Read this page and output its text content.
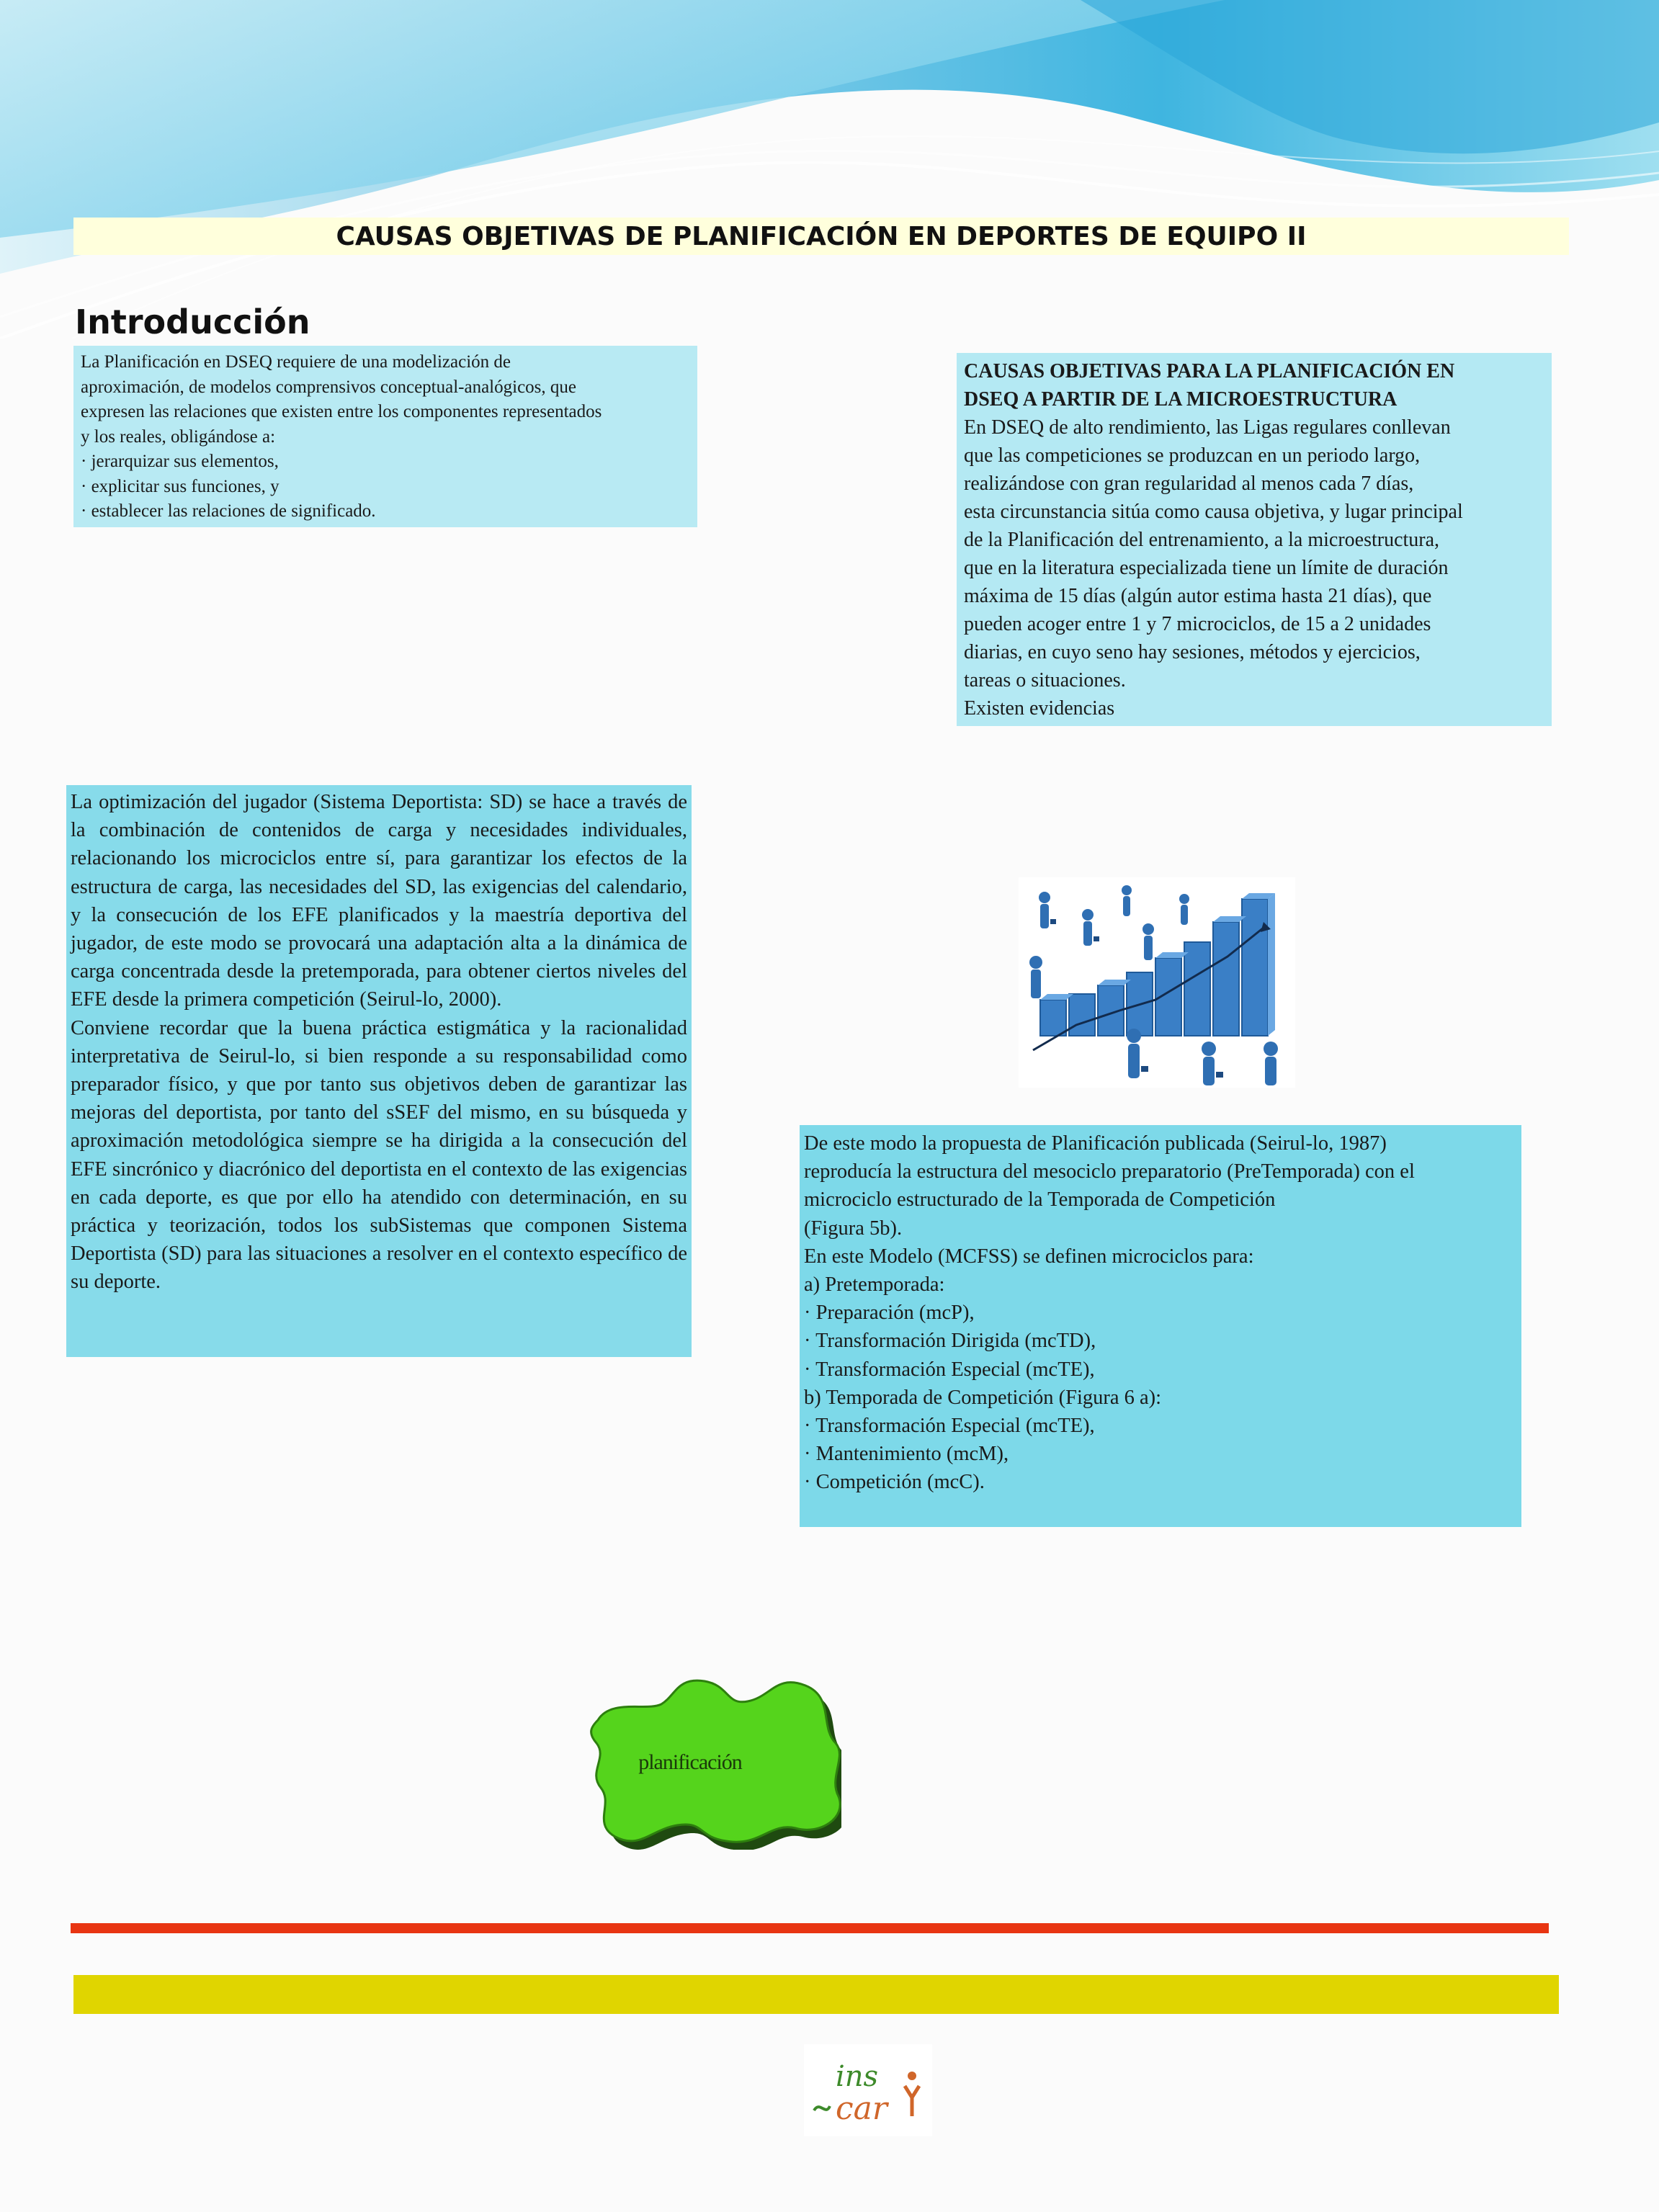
CAUSAS OBJETIVAS DE PLANIFICACIÓN EN DEPORTES DE EQUIPO II
Introducción
La Planificación en DSEQ requiere de una modelización de
aproximación, de modelos comprensivos conceptual-analógicos, que
expresen las relaciones que existen entre los componentes representados
y los reales, obligándose a:
· jerarquizar sus elementos,
· explicitar sus funciones, y
· establecer las relaciones de significado.
CAUSAS OBJETIVAS PARA LA PLANIFICACIÓN EN
DSEQ A PARTIR DE LA MICROESTRUCTURA
En DSEQ de alto rendimiento, las Ligas regulares conllevan
que las competiciones se produzcan en un periodo largo,
realizándose con gran regularidad al menos cada 7 días,
esta circunstancia sitúa como causa objetiva, y lugar principal
de la Planificación del entrenamiento, a la microestructura,
que en la literatura especializada tiene un límite de duración
máxima de 15 días (algún autor estima hasta 21 días), que
pueden acoger entre 1 y 7 microciclos, de 15 a 2 unidades
diarias, en cuyo seno hay sesiones, métodos y ejercicios,
tareas o situaciones.
Existen evidencias

La optimización del jugador (Sistema Deportista: SD) se hace a través de la combinación de contenidos de carga y necesidades individuales, relacionando los microciclos entre sí, para garantizar los efectos de la estructura de carga, las necesidades del SD, las exigencias del calendario, y la consecución de los EFE planificados y la maestría deportiva del jugador, de este modo se provocará una adaptación alta a la dinámica de carga concentrada desde la pretemporada, para obtener ciertos niveles del EFE desde la primera competición (Seirul-lo, 2000).

Conviene recordar que la buena práctica estigmática y la racionalidad interpretativa de Seirul-lo, si bien responde a su responsabilidad como preparador físico, y que por tanto sus objetivos deben de garantizar las mejoras del deportista, por tanto del sSEF del mismo, en su búsqueda y aproximación metodológica siempre se ha dirigida a la consecución del EFE sincrónico y diacrónico del deportista en el contexto de las exigencias en cada deporte, es que por ello ha atendido con determinación, en su práctica y teorización, todos los subSistemas que componen Sistema Deportista (SD) para las situaciones a resolver en el contexto específico de su deporte.

De este modo la propuesta de Planificación publicada (Seirul-lo, 1987)
reproducía la estructura del mesociclo preparatorio (PreTemporada) con el
microciclo estructurado de la Temporada de Competición
(Figura 5b).
En este Modelo (MCFSS) se definen microciclos para:
a) Pretemporada:
· Preparación (mcP),
· Transformación Dirigida (mcTD),
· Transformación Especial (mcTE),
b) Temporada de Competición (Figura 6 a):
· Transformación Especial (mcTE),
· Mantenimiento (mcM),
· Competición (mcC).
planificación
ins
car
